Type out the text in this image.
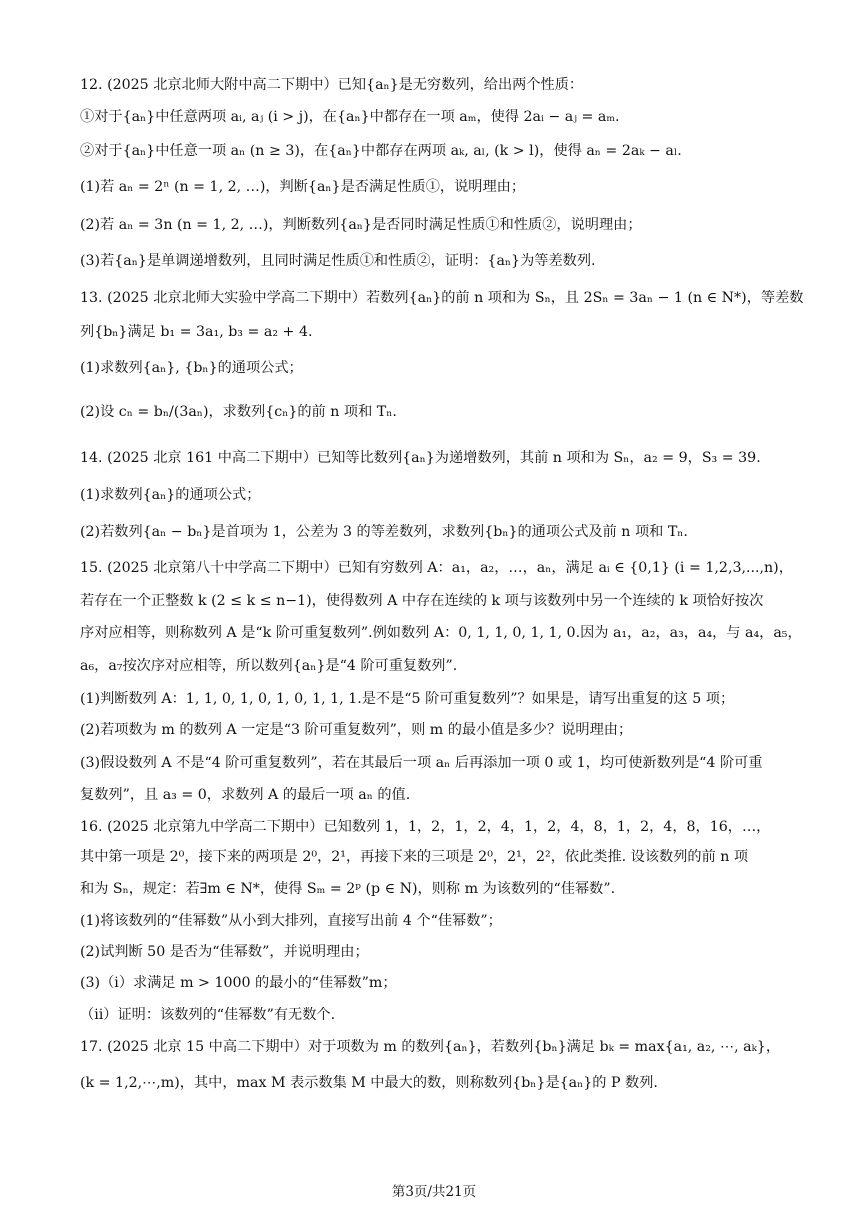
12. (2025 北京北师大附中高二下期中）已知{aₙ}是无穷数列，给出两个性质：
①对于{aₙ}中任意两项 aᵢ, aⱼ (i > j)，在{aₙ}中都存在一项 aₘ，使得 2aᵢ − aⱼ = aₘ.
②对于{aₙ}中任意一项 aₙ (n ≥ 3)，在{aₙ}中都存在两项 aₖ, aₗ, (k > l)，使得 aₙ = 2aₖ − aₗ.
(1)若 aₙ = 2ⁿ (n = 1, 2, …)，判断{aₙ}是否满足性质①，说明理由；
(2)若 aₙ = 3n (n = 1, 2, …)，判断数列{aₙ}是否同时满足性质①和性质②，说明理由；
(3)若{aₙ}是单调递增数列，且同时满足性质①和性质②，证明：{aₙ}为等差数列.
13. (2025 北京北师大实验中学高二下期中）若数列{aₙ}的前 n 项和为 Sₙ，且 2Sₙ = 3aₙ − 1 (n ∈ N*)，等差数
列{bₙ}满足 b₁ = 3a₁, b₃ = a₂ + 4.
(1)求数列{aₙ}, {bₙ}的通项公式；
(2)设 cₙ = bₙ/(3aₙ)，求数列{cₙ}的前 n 项和 Tₙ.
14. (2025 北京 161 中高二下期中）已知等比数列{aₙ}为递增数列，其前 n 项和为 Sₙ，a₂ = 9，S₃ = 39.
(1)求数列{aₙ}的通项公式；
(2)若数列{aₙ − bₙ}是首项为 1，公差为 3 的等差数列，求数列{bₙ}的通项公式及前 n 项和 Tₙ.
15. (2025 北京第八十中学高二下期中）已知有穷数列 A：a₁，a₂，…，aₙ，满足 aᵢ ∈ {0,1} (i = 1,2,3,...,n)，
若存在一个正整数 k (2 ≤ k ≤ n−1)，使得数列 A 中存在连续的 k 项与该数列中另一个连续的 k 项恰好按次
序对应相等，则称数列 A 是“k 阶可重复数列”.例如数列 A：0, 1, 1, 0, 1, 1, 0.因为 a₁，a₂，a₃，a₄，与 a₄，a₅，
a₆，a₇按次序对应相等，所以数列{aₙ}是“4 阶可重复数列”.
(1)判断数列 A：1, 1, 0, 1, 0, 1, 0, 1, 1, 1.是不是“5 阶可重复数列”？如果是，请写出重复的这 5 项；
(2)若项数为 m 的数列 A 一定是“3 阶可重复数列”，则 m 的最小值是多少？说明理由；
(3)假设数列 A 不是“4 阶可重复数列”，若在其最后一项 aₙ 后再添加一项 0 或 1，均可使新数列是“4 阶可重
复数列”，且 a₃ = 0，求数列 A 的最后一项 aₙ 的值.
16. (2025 北京第九中学高二下期中）已知数列 1，1，2，1，2，4，1，2，4，8，1，2，4，8，16，…，
其中第一项是 2⁰，接下来的两项是 2⁰，2¹，再接下来的三项是 2⁰，2¹，2²，依此类推. 设该数列的前 n 项
和为 Sₙ，规定：若∃m ∈ N*，使得 Sₘ = 2ᵖ (p ∈ N)，则称 m 为该数列的“佳幂数”.
(1)将该数列的“佳幂数”从小到大排列，直接写出前 4 个“佳幂数”；
(2)试判断 50 是否为“佳幂数”，并说明理由；
(3)（ⅰ）求满足 m > 1000 的最小的“佳幂数”m；
（ⅱ）证明：该数列的“佳幂数”有无数个.
17. (2025 北京 15 中高二下期中）对于项数为 m 的数列{aₙ}，若数列{bₙ}满足 bₖ = max{a₁, a₂, ⋯, aₖ}，
(k = 1,2,⋯,m)，其中，max M 表示数集 M 中最大的数，则称数列{bₙ}是{aₙ}的 P 数列.
第3页/共21页
